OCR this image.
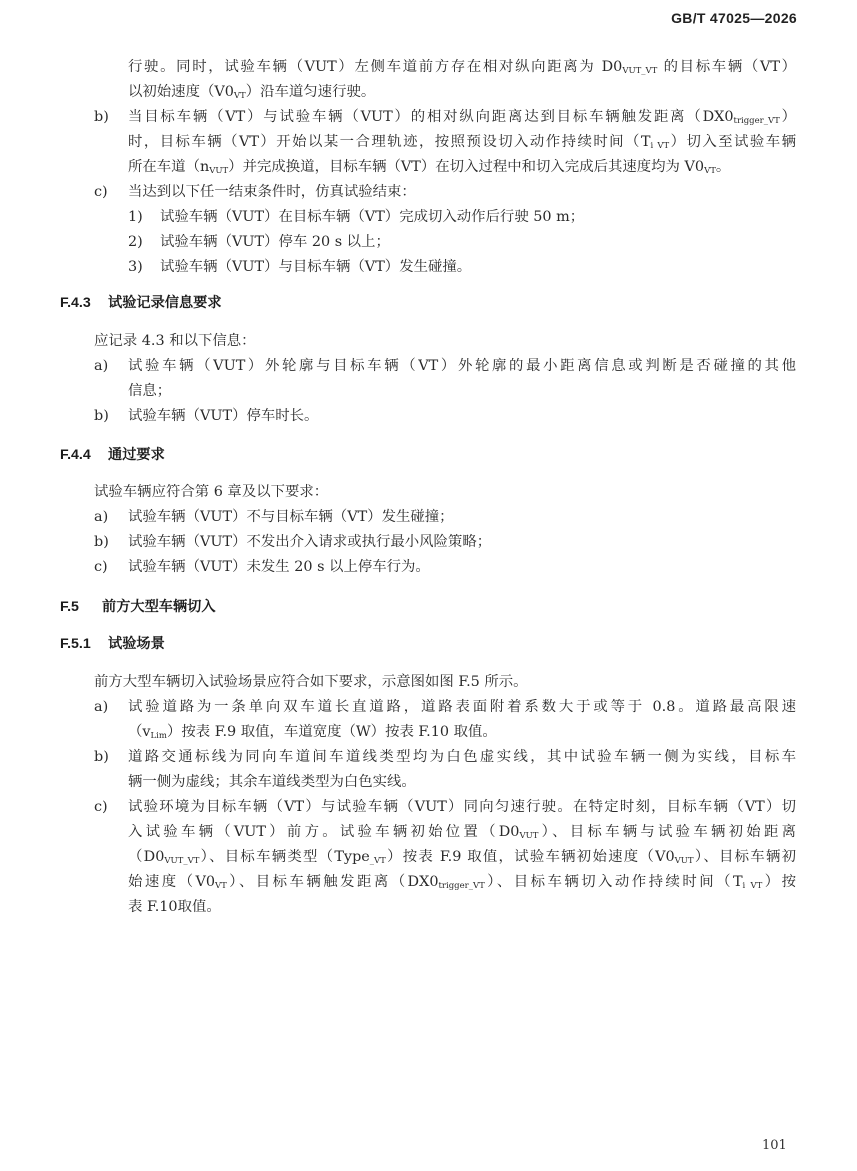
GB/T 47025—2026
行驶。同时，试验车辆（VUT）左侧车道前方存在相对纵向距离为 $D0_{VUT\_VT}$ 的目标车辆（VT）
以初始速度$(V0_{VT})$沿车道匀速行驶。
b) 当目标车辆（VT）与试验车辆（VUT）的相对纵向距离达到目标车辆触发距离$(DX0_{trigger\_VT})$
时，目标车辆（VT）开始以某一合理轨迹，按照预设切入动作持续时间$(T_{i VT})$切入至试验车辆
所在车道$(n_{VUT})$并完成换道，目标车辆（VT）在切入过程中和切入完成后其速度均为 $V0_{VT}$。
c) 当达到以下任一结束条件时，仿真试验结束：
1) 试验车辆（VUT）在目标车辆（VT）完成切入动作后行驶 50 m；
2) 试验车辆（VUT）停车 20 s 以上；
3) 试验车辆（VUT）与目标车辆（VT）发生碰撞。
F.4.3 试验记录信息要求
应记录 4.3 和以下信息：
a) 试验车辆（VUT）外轮廓与目标车辆（VT）外轮廓的最小距离信息或判断是否碰撞的其他
信息；
b) 试验车辆（VUT）停车时长。
F.4.4 通过要求
试验车辆应符合第 6 章及以下要求：
a) 试验车辆（VUT）不与目标车辆（VT）发生碰撞；
b) 试验车辆（VUT）不发出介入请求或执行最小风险策略；
c) 试验车辆（VUT）未发生 20 s 以上停车行为。
F.5 前方大型车辆切入
F.5.1 试验场景
前方大型车辆切入试验场景应符合如下要求，示意图如图 F.5 所示。
a) 试验道路为一条单向双车道长直道路，道路表面附着系数大于或等于 0.8。道路最高限速
$(v_{Lim})$按表 F.9 取值，车道宽度（W）按表 F.10 取值。
b) 道路交通标线为同向车道间车道线类型均为白色虚实线，其中试验车辆一侧为实线，目标车
辆一侧为虚线；其余车道线类型为白色实线。
c) 试验环境为目标车辆（VT）与试验车辆（VUT）同向匀速行驶。在特定时刻，目标车辆（VT）切
入试验车辆（VUT）前方。试验车辆初始位置$(D0_{VUT})$、目标车辆与试验车辆初始距离
$(D0_{VUT\_VT})$、目标车辆类型（Type$_{\_VT}$）按表 F.9 取值，试验车辆初始速度$(V0_{VUT})$、目标车辆初
始速度$(V0_{VT})$、目标车辆触发距离$(DX0_{trigger\_VT})$、目标车辆切入动作持续时间$(T_{i VT})$按
表 F.10取值。
101
